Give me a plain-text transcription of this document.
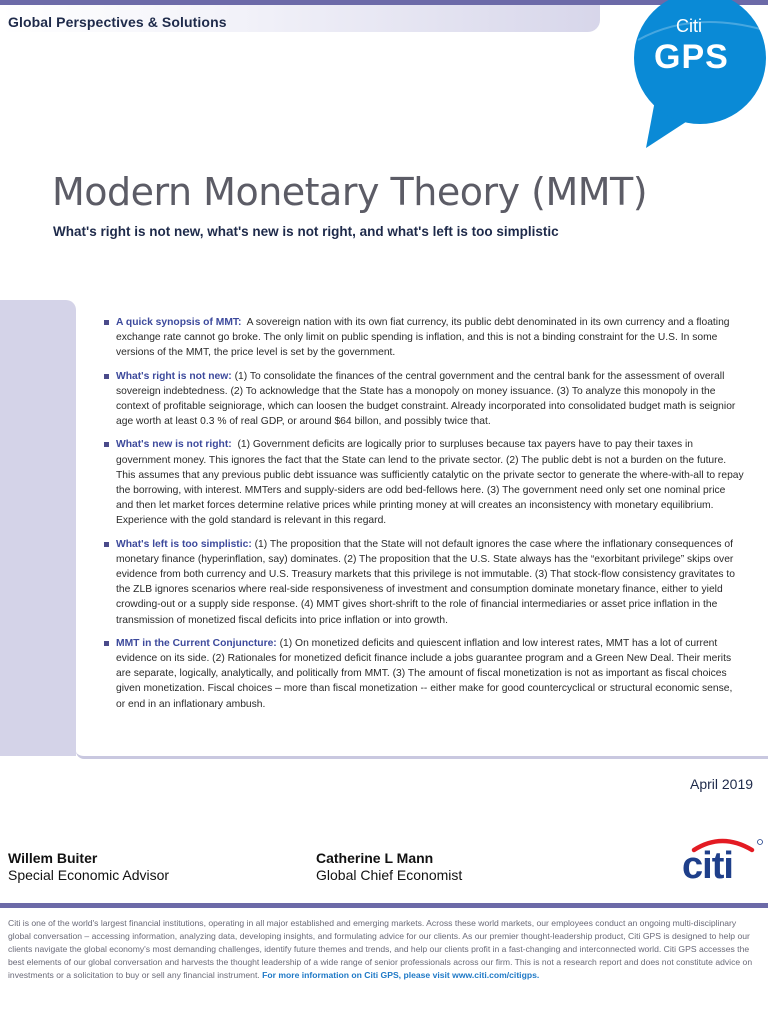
Global Perspectives & Solutions	Citi
GPS
Modern Monetary Theory (MMT)
What's right is not new, what's new is not right, and what's left is too simplistic
A quick synopsis of MMT: A sovereign nation with its own fiat currency, its public debt denominated in its own currency and a floating exchange rate cannot go broke. The only limit on public spending is inflation, and this is not a binding constraint for the U.S. In some versions of the MMT, the price level is set by the government.
What's right is not new: (1) To consolidate the finances of the central government and the central bank for the assessment of overall sovereign indebtedness. (2) To acknowledge that the State has a monopoly on money issuance. (3) To analyze this monopoly in the context of profitable seigniorage, which can loosen the budget constraint. Already incorporated into consolidated budget math is seignior age worth at least 0.3 % of real GDP, or around $64 billon, and possibly twice that.
What's new is not right: (1) Government deficits are logically prior to surpluses because tax payers have to pay their taxes in government money. This ignores the fact that the State can lend to the private sector. (2) The public debt is not a burden on the future. This assumes that any previous public debt issuance was sufficiently catalytic on the private sector to generate the where-with-all to repay the borrowing, with interest. MMTers and supply-siders are odd bed-fellows here. (3) The government need only set one nominal price and then let market forces determine relative prices while printing money at will creates an inconsistency with monetary equilibrium. Experience with the gold standard is relevant in this regard.
What's left is too simplistic: (1) The proposition that the State will not default ignores the case where the inflationary consequences of monetary finance (hyperinflation, say) dominates. (2) The proposition that the U.S. State always has the “exorbitant privilege” skips over evidence from both currency and U.S. Treasury markets that this privilege is not immutable. (3) That stock-flow consistency gravitates to the ZLB ignores scenarios where real-side responsiveness of investment and consumption dominate monetary finance, either to yield crowding-out or a supply side response. (4) MMT gives short-shrift to the role of financial intermediaries or asset price inflation in the transmission of monetized fiscal deficits into price inflation or into growth.
MMT in the Current Conjuncture: (1) On monetized deficits and quiescent inflation and low interest rates, MMT has a lot of current evidence on its side. (2) Rationales for monetized deficit finance include a jobs guarantee program and a Green New Deal. Their merits are separate, logically, analytically, and politically from MMT. (3) The amount of fiscal monetization is not as important as fiscal choices given monetization. Fiscal choices – more than fiscal monetization -- either make for good countercyclical or structural economic sense, or end in an inflationary ambush.
April 2019
Willem Buiter
Special Economic Advisor
Catherine L Mann
Global Chief Economist	citi
Citi is one of the world's largest financial institutions, operating in all major established and emerging markets. Across these world markets, our employees conduct an ongoing multi-disciplinary global conversation – accessing information, analyzing data, developing insights, and formulating advice for our clients. As our premier thought-leadership product, Citi GPS is designed to help our clients navigate the global economy's most demanding challenges, identify future themes and trends, and help our clients profit in a fast-changing and interconnected world. Citi GPS accesses the best elements of our global conversation and harvests the thought leadership of a wide range of senior professionals across our firm. This is not a research report and does not constitute advice on investments or a solicitation to buy or sell any financial instrument. For more information on Citi GPS, please visit www.citi.com/citigps.
